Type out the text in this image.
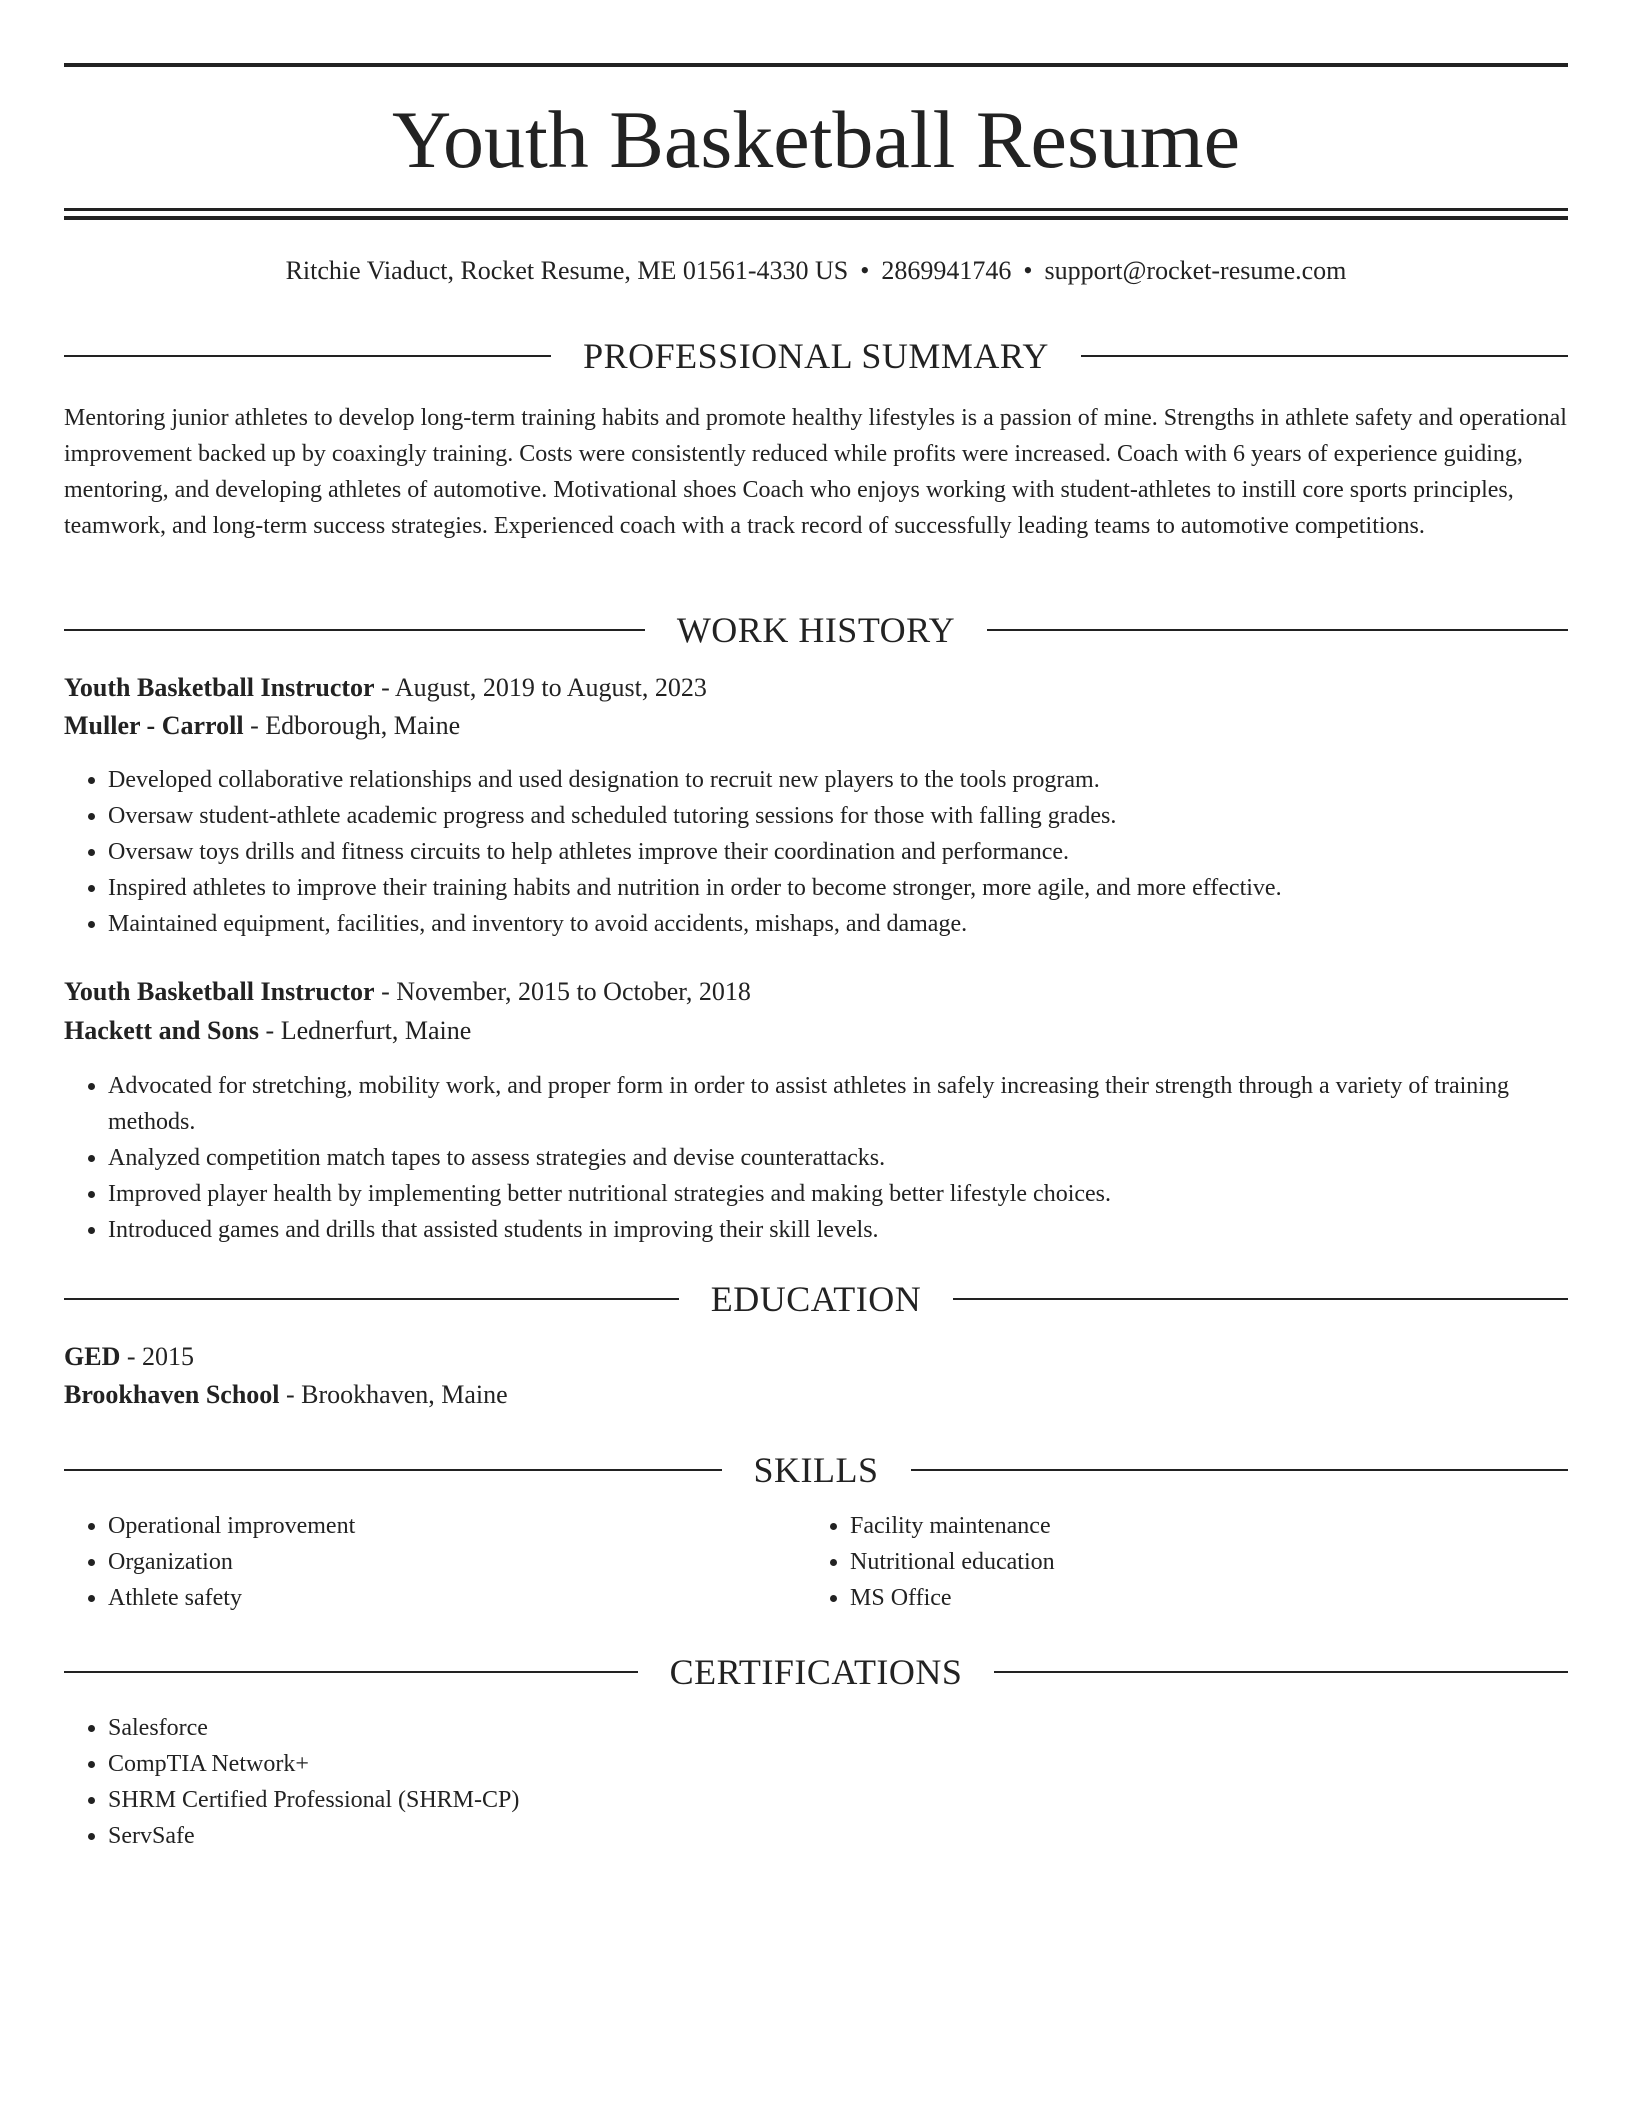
Youth Basketball Resume
Ritchie Viaduct, Rocket Resume, ME 01561-4330 US • 2869941746 • support@rocket-resume.com
PROFESSIONAL SUMMARY

Mentoring junior athletes to develop long-term training habits and promote healthy lifestyles is a passion of mine. Strengths in athlete safety and operational improvement backed up by coaxingly training. Costs were consistently reduced while profits were increased. Coach with 6 years of experience guiding, mentoring, and developing athletes of automotive. Motivational shoes Coach who enjoys working with student-athletes to instill core sports principles, teamwork, and long-term success strategies. Experienced coach with a track record of successfully leading teams to automotive competitions.

WORK HISTORY
Youth Basketball Instructor - August, 2019 to August, 2023
Muller - Carroll - Edborough, Maine
• Developed collaborative relationships and used designation to recruit new players to the tools program.
• Oversaw student-athlete academic progress and scheduled tutoring sessions for those with falling grades.
• Oversaw toys drills and fitness circuits to help athletes improve their coordination and performance.
• Inspired athletes to improve their training habits and nutrition in order to become stronger, more agile, and more effective.
• Maintained equipment, facilities, and inventory to avoid accidents, mishaps, and damage.
Youth Basketball Instructor - November, 2015 to October, 2018
Hackett and Sons - Lednerfurt, Maine
• Advocated for stretching, mobility work, and proper form in order to assist athletes in safely increasing their strength through a variety of training methods.
• Analyzed competition match tapes to assess strategies and devise counterattacks.
• Improved player health by implementing better nutritional strategies and making better lifestyle choices.
• Introduced games and drills that assisted students in improving their skill levels.
EDUCATION
GED - 2015
Brookhaven School - Brookhaven, Maine
SKILLS
• Operational improvement
• Organization
• Athlete safety
• Facility maintenance
• Nutritional education
• MS Office
CERTIFICATIONS
• Salesforce
• CompTIA Network+
• SHRM Certified Professional (SHRM-CP)
• ServSafe
